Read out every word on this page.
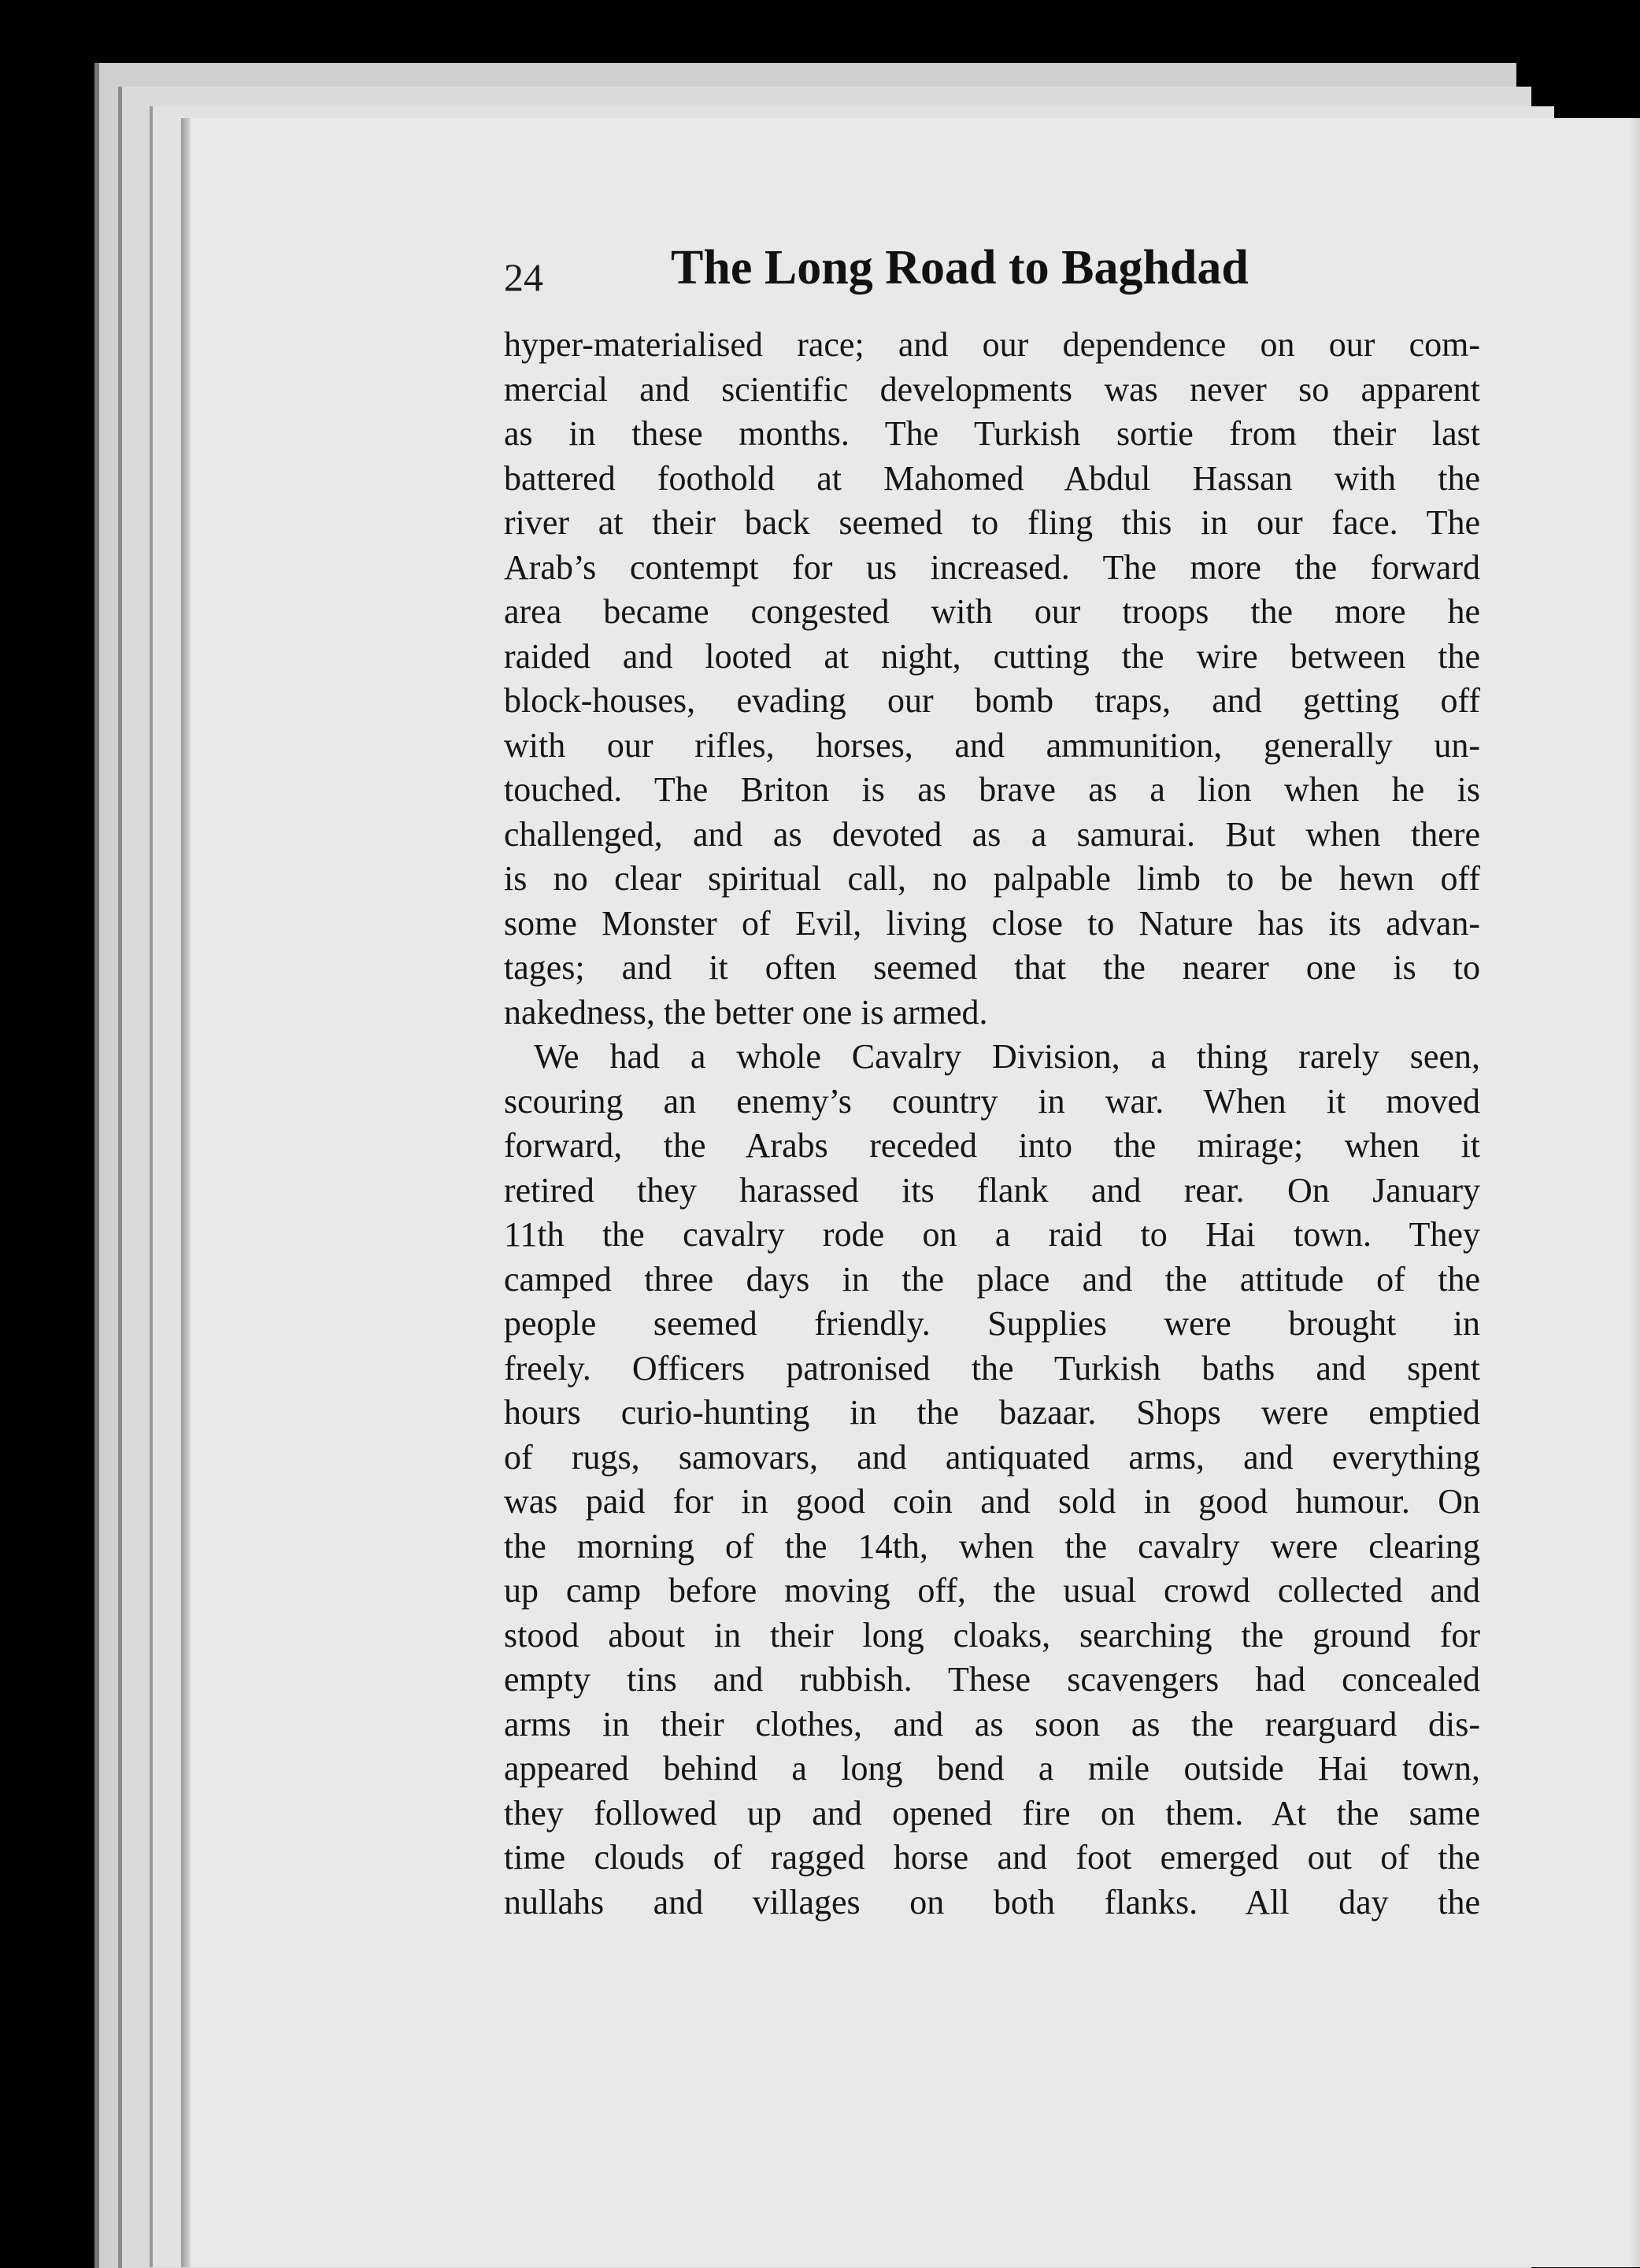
24	The Long Road to Baghdad
hyper-materialised race; and our dependence on our com-
mercial and scientific developments was never so apparent
as in these months. The Turkish sortie from their last
battered foothold at Mahomed Abdul Hassan with the
river at their back seemed to fling this in our face. The
Arab’s contempt for us increased. The more the forward
area became congested with our troops the more he
raided and looted at night, cutting the wire between the
block-houses, evading our bomb traps, and getting off
with our rifles, horses, and ammunition, generally un-
touched. The Briton is as brave as a lion when he is
challenged, and as devoted as a samurai. But when there
is no clear spiritual call, no palpable limb to be hewn off
some Monster of Evil, living close to Nature has its advan-
tages; and it often seemed that the nearer one is to
nakedness, the better one is armed.
We had a whole Cavalry Division, a thing rarely seen,
scouring an enemy’s country in war. When it moved
forward, the Arabs receded into the mirage; when it
retired they harassed its flank and rear. On January
11th the cavalry rode on a raid to Hai town. They
camped three days in the place and the attitude of the
people seemed friendly. Supplies were brought in
freely. Officers patronised the Turkish baths and spent
hours curio-hunting in the bazaar. Shops were emptied
of rugs, samovars, and antiquated arms, and everything
was paid for in good coin and sold in good humour. On
the morning of the 14th, when the cavalry were clearing
up camp before moving off, the usual crowd collected and
stood about in their long cloaks, searching the ground for
empty tins and rubbish. These scavengers had concealed
arms in their clothes, and as soon as the rearguard dis-
appeared behind a long bend a mile outside Hai town,
they followed up and opened fire on them. At the same
time clouds of ragged horse and foot emerged out of the
nullahs and villages on both flanks. All day the
